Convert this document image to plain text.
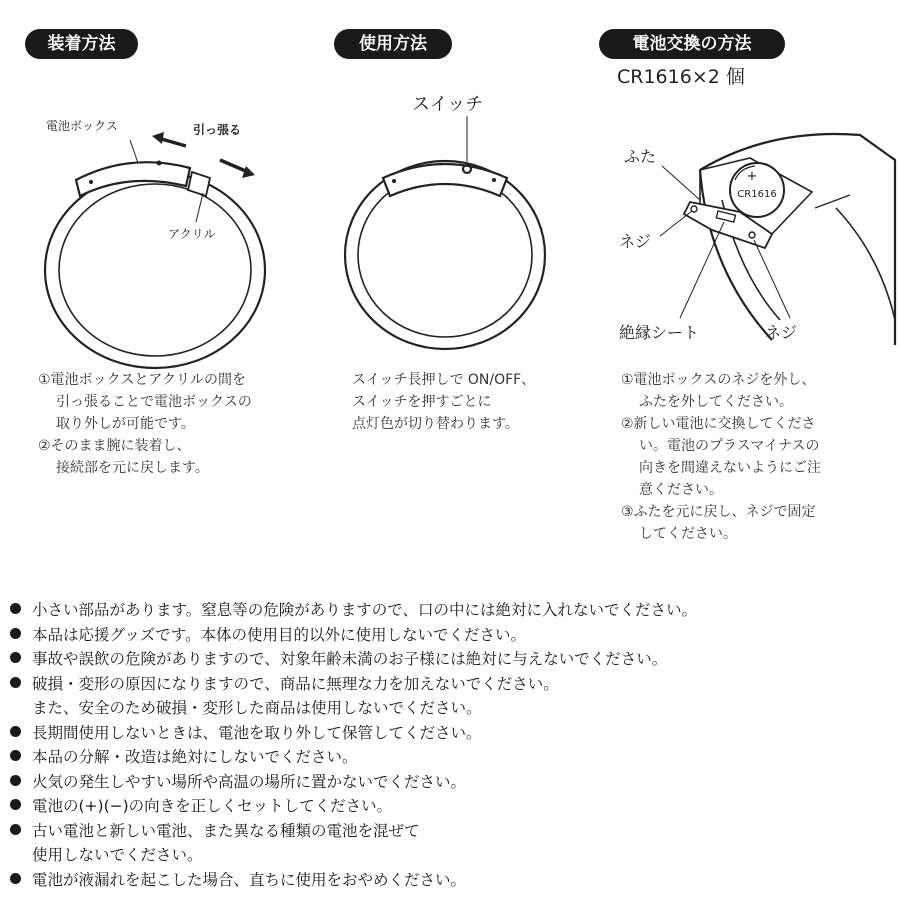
装着方法	使用方法	電池交換の方法
CR1616×2 個
電池ボックス	引っ張る
アクリル
スイッチ
+
CR1616
ふた
ネジ
絶縁シート	ネジ
①電池ボックスとアクリルの間を
引っ張ることで電池ボックスの
取り外しが可能です。
②そのまま腕に装着し、
接続部を元に戻します。
スイッチ長押しで ON/OFF、
スイッチを押すごとに
点灯色が切り替わります。
①電池ボックスのネジを外し、
ふたを外してください。
②新しい電池に交換してくださ
い。電池のプラスマイナスの
向きを間違えないようにご注
意ください。
③ふたを元に戻し、ネジで固定
してください。
小さい部品があります。窒息等の危険がありますので、口の中には絶対に入れないでください。
本品は応援グッズです。本体の使用目的以外に使用しないでください。
事故や誤飲の危険がありますので、対象年齢未満のお子様には絶対に与えないでください。
破損・変形の原因になりますので、商品に無理な力を加えないでください。
また、安全のため破損・変形した商品は使用しないでください。
長期間使用しないときは、電池を取り外して保管してください。
本品の分解・改造は絶対にしないでください。
火気の発生しやすい場所や高温の場所に置かないでください。
電池の(+)(−)の向きを正しくセットしてください。
古い電池と新しい電池、また異なる種類の電池を混ぜて
使用しないでください。
電池が液漏れを起こした場合、直ちに使用をおやめください。
